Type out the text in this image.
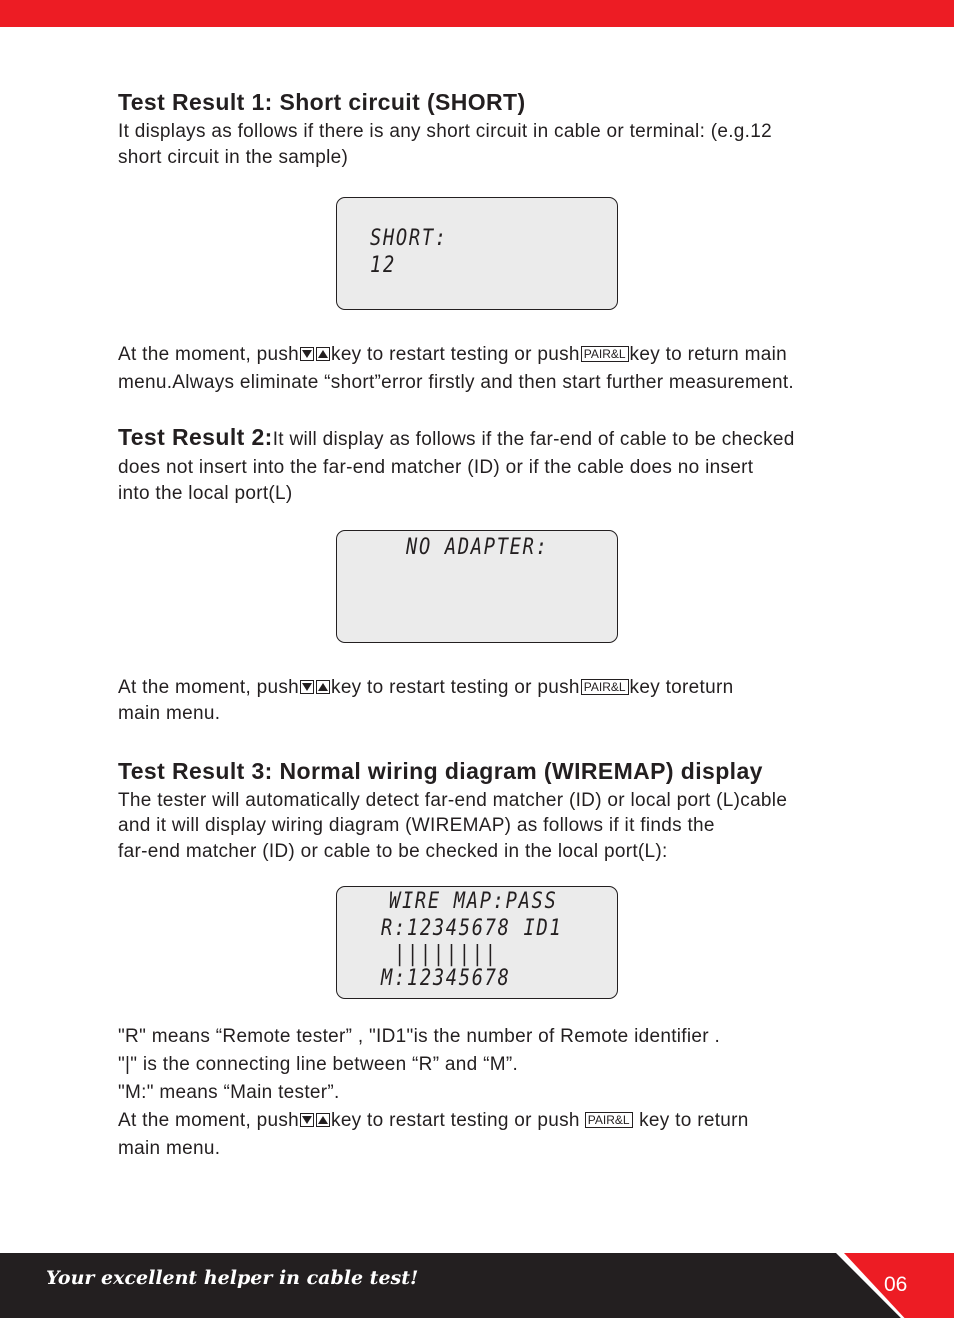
Test Result 1: Short circuit (SHORT)

It displays as follows if there is any short circuit in cable or terminal: (e.g.12

short circuit in the sample)

SHORT:
12

At the moment, push key to restart testing or push PAIR&L key to return main

menu.Always eliminate “short”error firstly and then start further measurement.

Test Result 2:It will display as follows if the far-end of cable to be checked

does not insert into the far-end matcher (ID) or if the cable does no insert

into the local port(L)

NO ADAPTER:

At the moment, push key to restart testing or push PAIR&L key toreturn

main menu.

Test Result 3: Normal wiring diagram (WIREMAP) display

The tester will automatically detect far-end matcher (ID) or local port (L)cable

and it will display wiring diagram (WIREMAP) as follows if it finds the

far-end matcher (ID) or cable to be checked in the local port(L):

WIRE MAP:PASS
R:12345678 ID1
||||||||
M:12345678

"R" means “Remote tester” , "ID1"is the number of Remote identifier .

"|" is the connecting line between “R” and “M”.

"M:" means “Main tester”.

At the moment, push key to restart testing or push PAIR&L key to return

main menu.

Your excellent helper in cable test!	06
